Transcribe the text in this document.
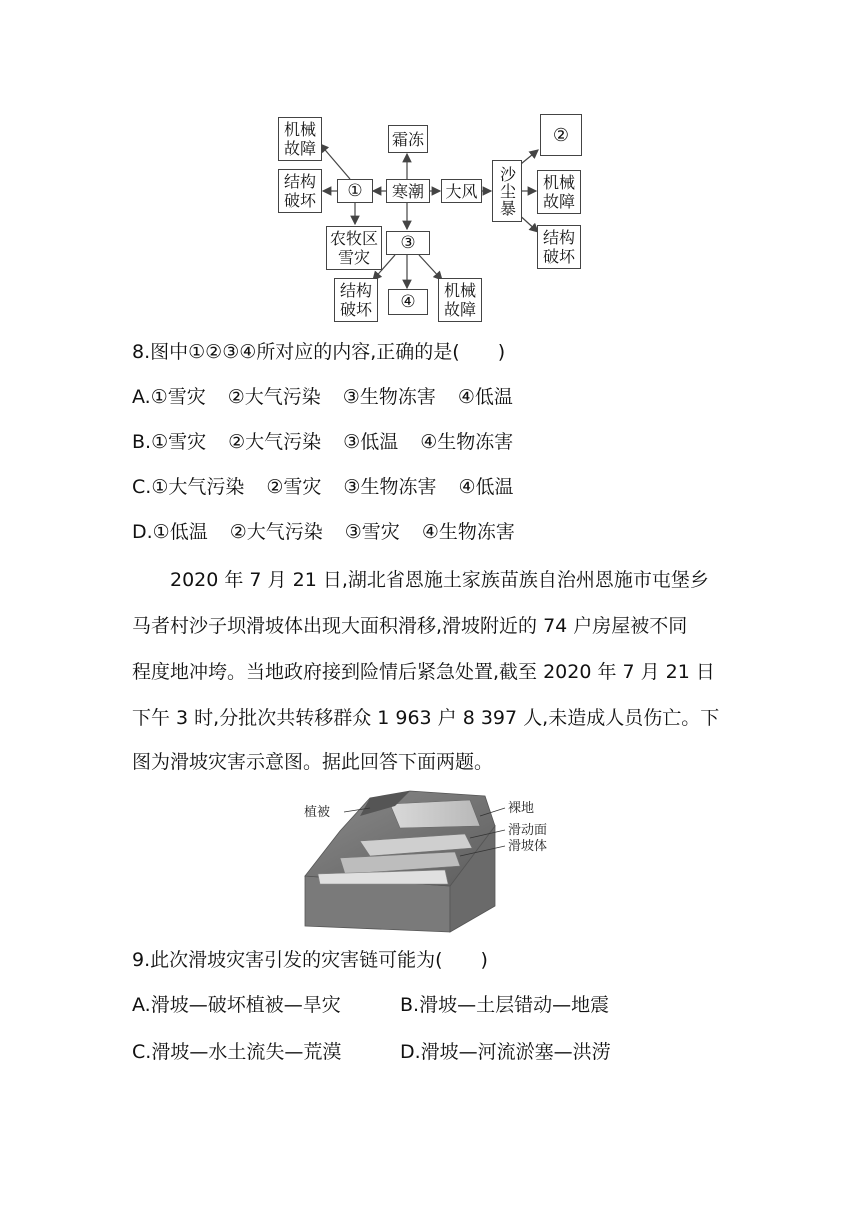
机械故障	霜冻	②
结构破坏	①	寒潮	大风	沙尘暴	机械故障
农牧区雪灾
③	结构破坏
结构破坏	④
机械故障
8.图中①②③④所对应的内容,正确的是(　　)
A.①雪灾 ②大气污染 ③生物冻害 ④低温
B.①雪灾 ②大气污染 ③低温 ④生物冻害
C.①大气污染 ②雪灾 ③生物冻害 ④低温
D.①低温 ②大气污染 ③雪灾 ④生物冻害
2020 年 7 月 21 日,湖北省恩施土家族苗族自治州恩施市屯堡乡
马者村沙子坝滑坡体出现大面积滑移,滑坡附近的 74 户房屋被不同
程度地冲垮。当地政府接到险情后紧急处置,截至 2020 年 7 月 21 日
下午 3 时,分批次共转移群众 1 963 户 8 397 人,未造成人员伤亡。下
图为滑坡灾害示意图。据此回答下面两题。
植被	裸地
滑动面
滑坡体
9.此次滑坡灾害引发的灾害链可能为(　　)
A.滑坡—破坏植被—旱灾	B.滑坡—土层错动—地震
C.滑坡—水土流失—荒漠	D.滑坡—河流淤塞—洪涝
